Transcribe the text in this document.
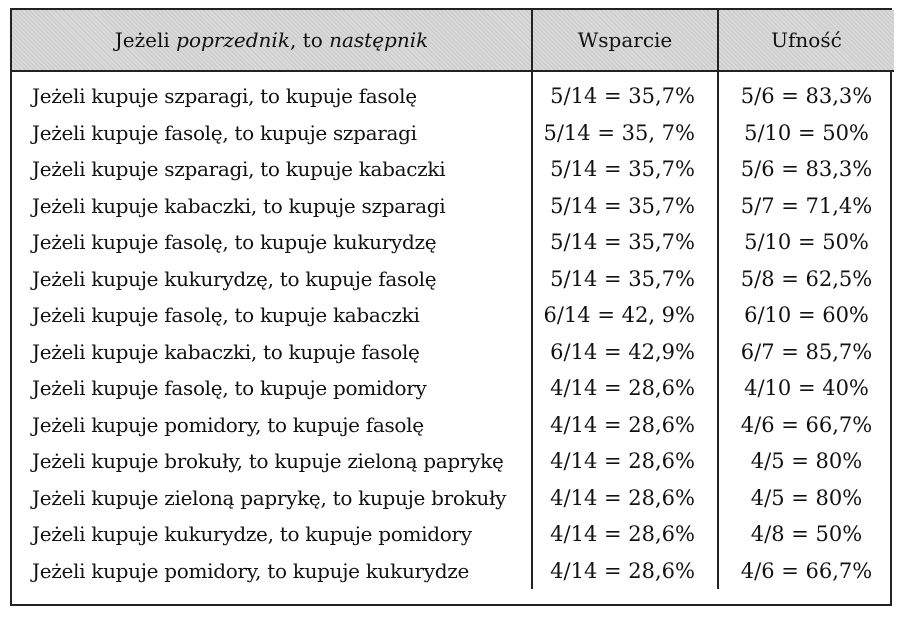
Jeżeli poprzednik, to następnik	Wsparcie	Ufność
Jeżeli kupuje szparagi, to kupuje fasolę	5/14 = 35,7%	5/6 = 83,3%
Jeżeli kupuje fasolę, to kupuje szparagi	5/14 = 35, 7%	5/10 = 50%
Jeżeli kupuje szparagi, to kupuje kabaczki	5/14 = 35,7%	5/6 = 83,3%
Jeżeli kupuje kabaczki, to kupuje szparagi	5/14 = 35,7%	5/7 = 71,4%
Jeżeli kupuje fasolę, to kupuje kukurydzę	5/14 = 35,7%	5/10 = 50%
Jeżeli kupuje kukurydzę, to kupuje fasolę	5/14 = 35,7%	5/8 = 62,5%
Jeżeli kupuje fasolę, to kupuje kabaczki	6/14 = 42, 9%	6/10 = 60%
Jeżeli kupuje kabaczki, to kupuje fasolę	6/14 = 42,9%	6/7 = 85,7%
Jeżeli kupuje fasolę, to kupuje pomidory	4/14 = 28,6%	4/10 = 40%
Jeżeli kupuje pomidory, to kupuje fasolę	4/14 = 28,6%	4/6 = 66,7%
Jeżeli kupuje brokuły, to kupuje zieloną paprykę	4/14 = 28,6%	4/5 = 80%
Jeżeli kupuje zieloną paprykę, to kupuje brokuły	4/14 = 28,6%	4/5 = 80%
Jeżeli kupuje kukurydze, to kupuje pomidory	4/14 = 28,6%	4/8 = 50%
Jeżeli kupuje pomidory, to kupuje kukurydze	4/14 = 28,6%	4/6 = 66,7%
